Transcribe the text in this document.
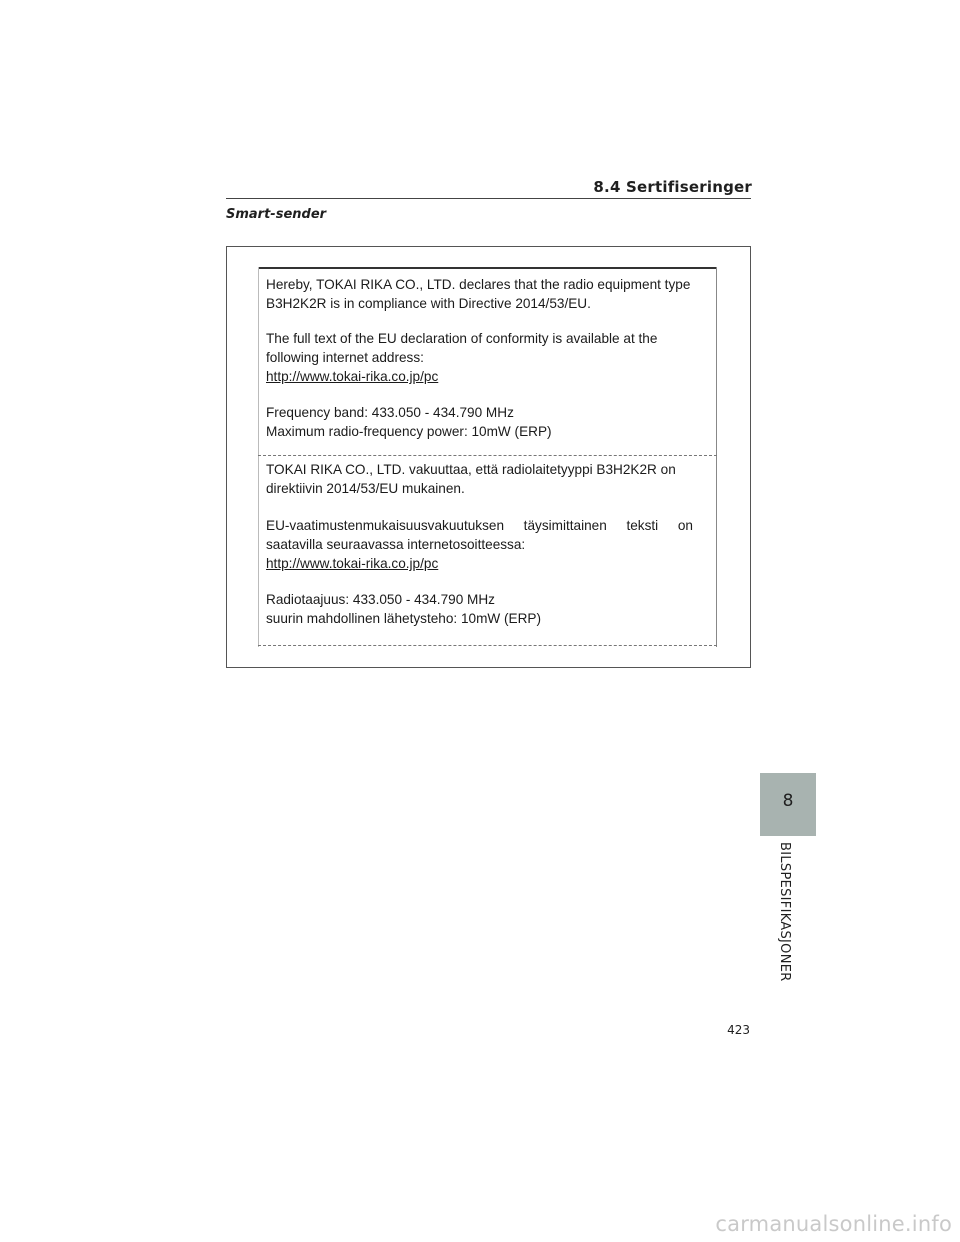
8.4 Sertifiseringer
Smart-sender
Hereby, TOKAI RIKA CO., LTD. declares that the radio equipment type
B3H2K2R is in compliance with Directive 2014/53/EU.
The full text of the EU declaration of conformity is available at the
following internet address:
http://www.tokai-rika.co.jp/pc
Frequency band: 433.050 - 434.790 MHz
Maximum radio-frequency power: 10mW (ERP)
TOKAI RIKA CO., LTD. vakuuttaa, että radiolaitetyyppi B3H2K2R on
direktiivin 2014/53/EU mukainen.
EU-vaatimustenmukaisuusvakuutuksen täysimittainen teksti on
saatavilla seuraavassa internetosoitteessa:
http://www.tokai-rika.co.jp/pc
Radiotaajuus: 433.050 - 434.790 MHz
suurin mahdollinen lähetysteho: 10mW (ERP)
8
BILSPESIFIKASJONER
423
carmanualsonline.info
